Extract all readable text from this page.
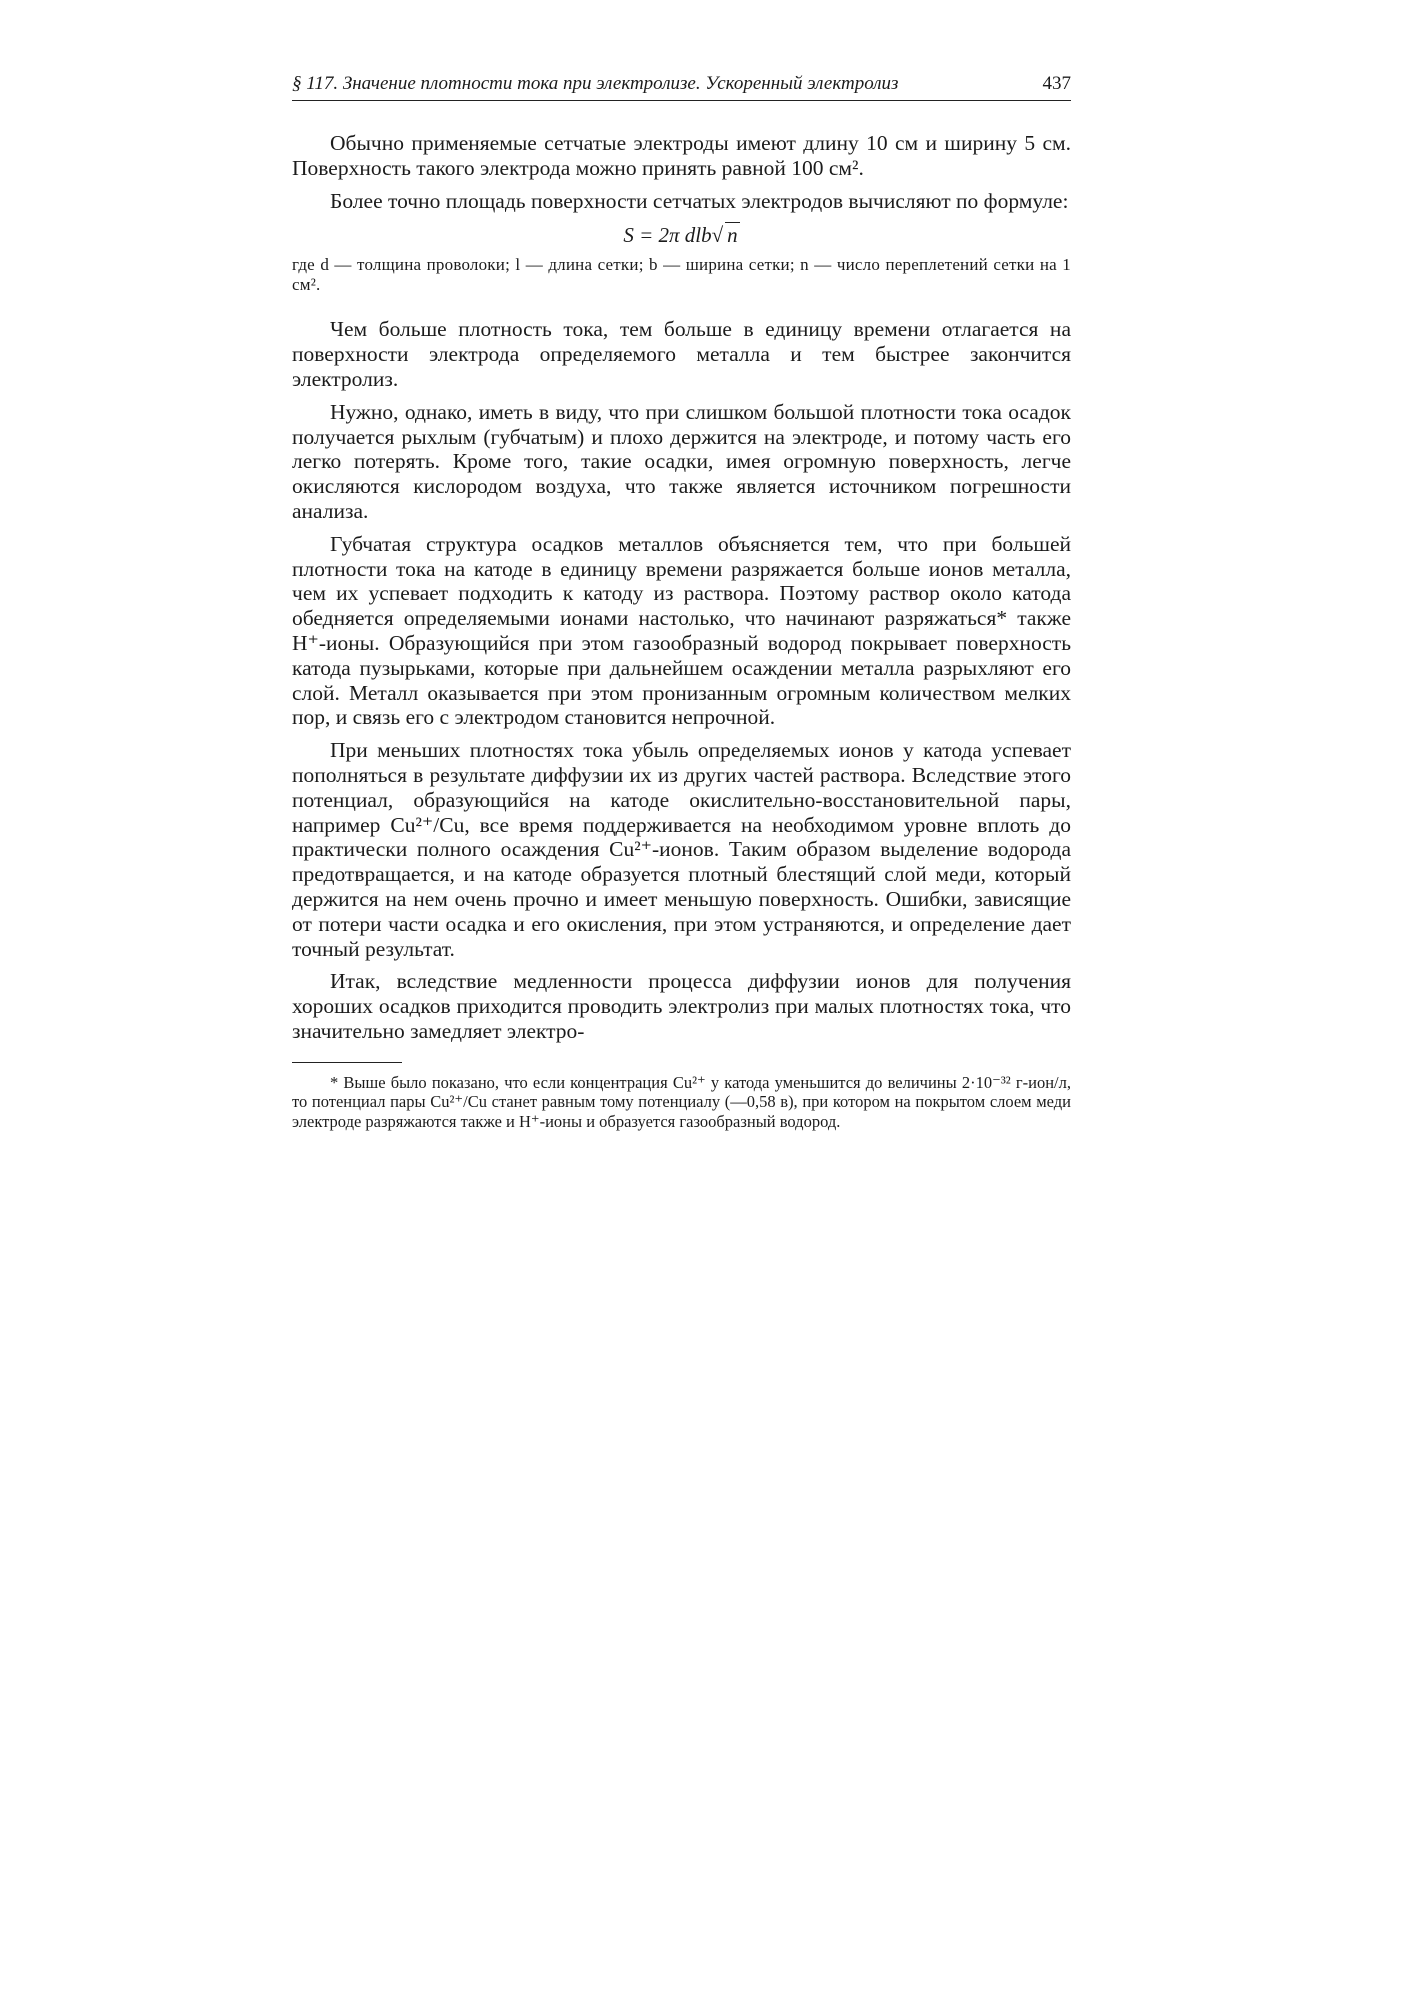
§ 117. Значение плотности тока при электролизе. Ускоренный электролиз	437

Обычно применяемые сетчатые электроды имеют длину 10 см и ширину 5 см. Поверхность такого электрода можно принять равной 100 см².

Более точно площадь поверхности сетчатых электродов вычисляют по формуле:

S = 2π dlb√ n
где d — толщина проволоки; l — длина сетки; b — ширина сетки; n — число переплетений сетки на 1 см².

Чем больше плотность тока, тем больше в единицу времени отлагается на поверхности электрода определяемого металла и тем быстрее закончится электролиз.

Нужно, однако, иметь в виду, что при слишком большой плотности тока осадок получается рыхлым (губчатым) и плохо держится на электроде, и потому часть его легко потерять. Кроме того, такие осадки, имея огромную поверхность, легче окисляются кислородом воздуха, что также является источником погрешности анализа.

Губчатая структура осадков металлов объясняется тем, что при большей плотности тока на катоде в единицу времени разряжается больше ионов металла, чем их успевает подходить к катоду из раствора. Поэтому раствор около катода обедняется определяемыми ионами настолько, что начинают разряжаться* также H⁺-ионы. Образующийся при этом газообразный водород покрывает поверхность катода пузырьками, которые при дальнейшем осаждении металла разрыхляют его слой. Металл оказывается при этом пронизанным огромным количеством мелких пор, и связь его с электродом становится непрочной.

При меньших плотностях тока убыль определяемых ионов у катода успевает пополняться в результате диффузии их из других частей раствора. Вследствие этого потенциал, образующийся на катоде окислительно-восстановительной пары, например Cu²⁺/Cu, все время поддерживается на необходимом уровне вплоть до практически полного осаждения Cu²⁺-ионов. Таким образом выделение водорода предотвращается, и на катоде образуется плотный блестящий слой меди, который держится на нем очень прочно и имеет меньшую поверхность. Ошибки, зависящие от потери части осадка и его окисления, при этом устраняются, и определение дает точный результат.

Итак, вследствие медленности процесса диффузии ионов для получения хороших осадков приходится проводить электролиз при малых плотностях тока, что значительно замедляет электро-

* Выше было показано, что если концентрация Cu²⁺ у катода уменьшится до величины 2·10⁻³² г-ион/л, то потенциал пары Cu²⁺/Cu станет равным тому потенциалу (—0,58 в), при котором на покрытом слоем меди электроде разряжаются также и H⁺-ионы и образуется газообразный водород.
